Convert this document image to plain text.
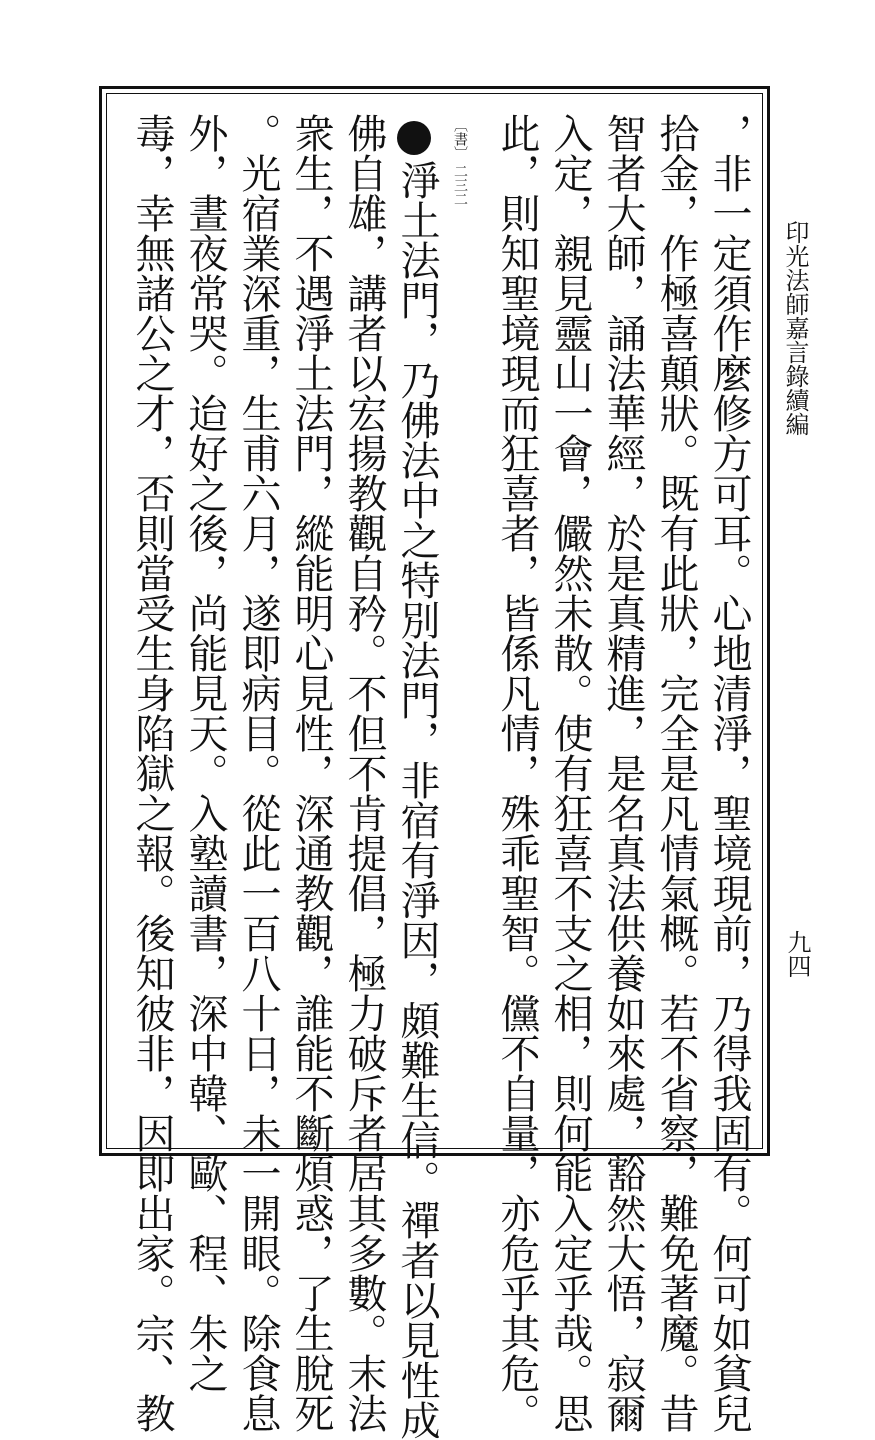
印光法師嘉言錄續編
九四
〔書〕 二三二	，非一定須作麼修方可耳。心地清淨，聖境現前，乃得我固有。何可如貧兒
拾金，作極喜顛狀。既有此狀，完全是凡情氣概。若不省察，難免著魔。昔
智者大師，誦法華經，於是真精進，是名真法供養如來處，豁然大悟，寂爾
入定，親見靈山一會，儼然未散。使有狂喜不支之相，則何能入定乎哉。思
此，則知聖境現而狂喜者，皆係凡情，殊乖聖智。儻不自量，亦危乎其危。
淨土法門，乃佛法中之特別法門，非宿有淨因，頗難生信。禪者以見性成
佛自雄，講者以宏揚教觀自矜。不但不肯提倡，極力破斥者居其多數。末法
衆生，不遇淨土法門，縱能明心見性，深通教觀，誰能不斷煩惑，了生脫死
。光宿業深重，生甫六月，遂即病目。從此一百八十日，未一開眼。除食息
外，晝夜常哭。迨好之後，尚能見天。入塾讀書，深中韓、歐、程、朱之
毒，幸無諸公之才，否則當受生身陷獄之報。後知彼非，因即出家。宗、教
